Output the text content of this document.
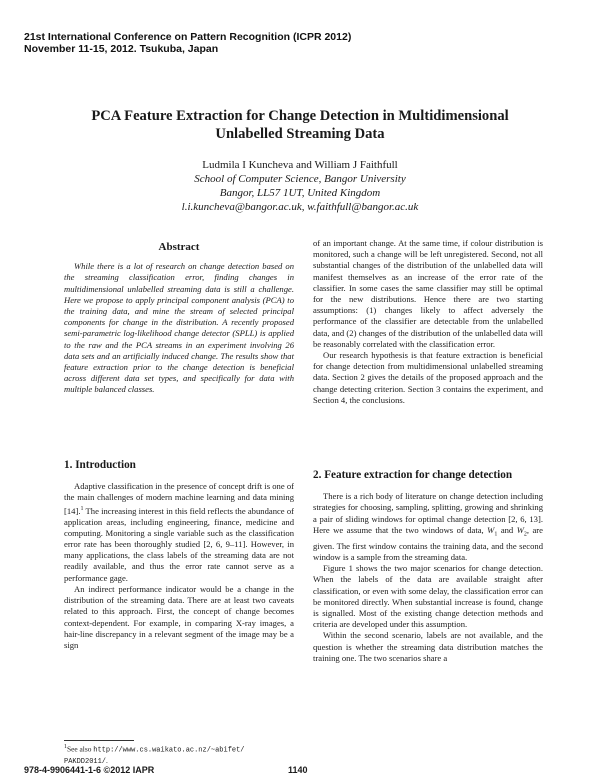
21st International Conference on Pattern Recognition (ICPR 2012)
November 11-15, 2012. Tsukuba, Japan
PCA Feature Extraction for Change Detection in Multidimensional
Unlabelled Streaming Data
Ludmila I Kuncheva and William J Faithfull
School of Computer Science, Bangor University
Bangor, LL57 1UT, United Kingdom
l.i.kuncheva@bangor.ac.uk, w.faithfull@bangor.ac.uk
Abstract

While there is a lot of research on change detection based on the streaming classification error, finding changes in multidimensional unlabelled streaming data is still a challenge. Here we propose to apply principal component analysis (PCA) to the training data, and mine the stream of selected principal components for change in the distribution. A recently proposed semi-parametric log-likelihood change detector (SPLL) is applied to the raw and the PCA streams in an experiment involving 26 data sets and an artificially induced change. The results show that feature extraction prior to the change detection is beneficial across different data set types, and specifically for data with multiple balanced classes.

1. Introduction

Adaptive classification in the presence of concept drift is one of the main challenges of modern machine learning and data mining [14].$^1$ The increasing interest in this field reflects the abundance of application areas, including engineering, finance, medicine and computing. Monitoring a single variable such as the classification error rate has been thoroughly studied [2, 6, 9–11]. However, in many applications, the class labels of the streaming data are not readily available, and thus the error rate cannot serve as a performance gage.

An indirect performance indicator would be a change in the distribution of the streaming data. There are at least two caveats related to this approach. First, the concept of change becomes context-dependent. For example, in comparing X-ray images, a hair-line discrepancy in a relevant segment of the image may be a sign

$^1$See also http://www.cs.waikato.ac.nz/~abifet/
PAKDD2011/.

of an important change. At the same time, if colour distribution is monitored, such a change will be left unregistered. Second, not all substantial changes of the distribution of the unlabelled data will manifest themselves as an increase of the error rate of the classifier. In some cases the same classifier may still be optimal for the new distributions. Hence there are two starting assumptions: (1) changes likely to affect adversely the performance of the classifier are detectable from the unlabelled data, and (2) changes of the distribution of the unlabelled data will be reasonably correlated with the classification error.

Our research hypothesis is that feature extraction is beneficial for change detection from multidimensional unlabelled streaming data. Section 2 gives the details of the proposed approach and the change detecting criterion. Section 3 contains the experiment, and Section 4, the conclusions.

2. Feature extraction for change detection

There is a rich body of literature on change detection including strategies for choosing, sampling, splitting, growing and shrinking a pair of sliding windows for optimal change detection [2, 6, 13]. Here we assume that the two windows of data, $W_1$ and $W_2$, are given. The first window contains the training data, and the second window is a sample from the streaming data.

Figure 1 shows the two major scenarios for change detection. When the labels of the data are available straight after classification, or even with some delay, the classification error can be monitored directly. When substantial increase is found, change is signalled. Most of the existing change detection methods and criteria are developed under this assumption.

Within the second scenario, labels are not available, and the question is whether the streaming data distribution matches the training one. The two scenarios share a

978-4-9906441-1-6 ©2012 IAPR	1140
